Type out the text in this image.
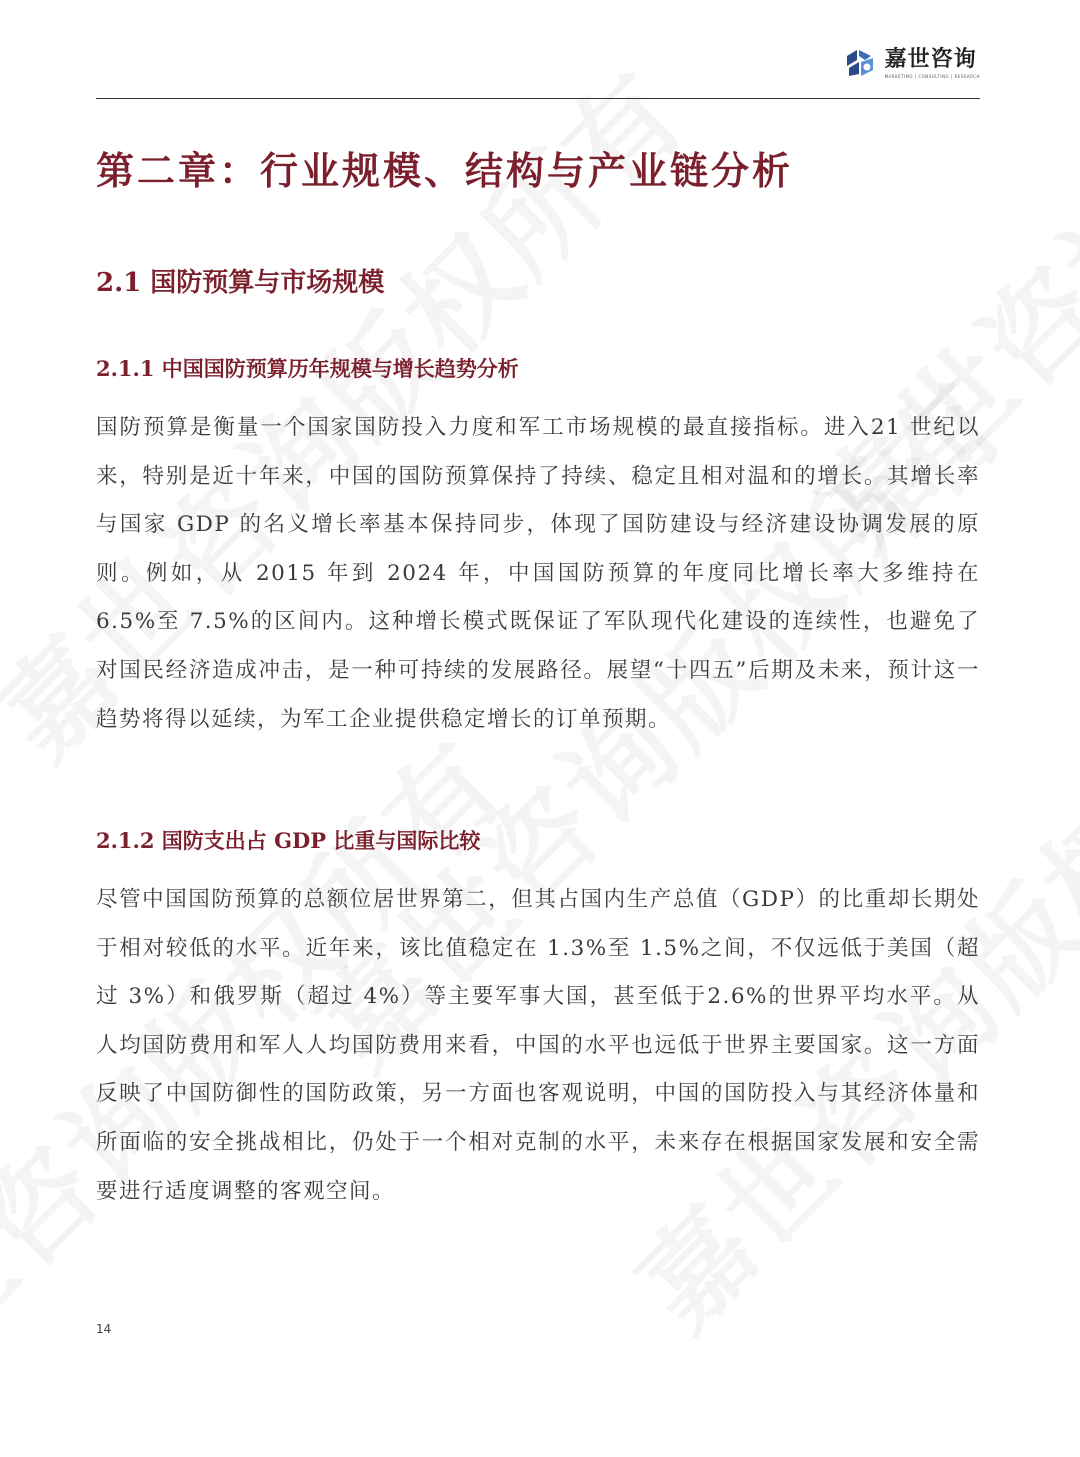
嘉世咨询
MARKETING | CONSULTING | RESEARCH
第二章：行业规模、结构与产业链分析
2.1 国防预算与市场规模
2.1.1 中国国防预算历年规模与增长趋势分析

国防预算是衡量一个国家国防投入力度和军工市场规模的最直接指标。进入21 世纪以来，特别是近十年来，中国的国防预算保持了持续、稳定且相对温和的增长。其增长率与国家 GDP 的名义增长率基本保持同步，体现了国防建设与经济建设协调发展的原则。例如，从 2015 年到 2024 年，中国国防预算的年度同比增长率大多维持在 6.5%至 7.5%的区间内。这种增长模式既保证了军队现代化建设的连续性，也避免了对国民经济造成冲击，是一种可持续的发展路径。展望“十四五”后期及未来，预计这一趋势将得以延续，为军工企业提供稳定增长的订单预期。

2.1.2 国防支出占 GDP 比重与国际比较

尽管中国国防预算的总额位居世界第二，但其占国内生产总值（GDP）的比重却长期处于相对较低的水平。近年来，该比值稳定在 1.3%至 1.5%之间，不仅远低于美国（超过 3%）和俄罗斯（超过 4%）等主要军事大国，甚至低于2.6%的世界平均水平。从人均国防费用和军人人均国防费用来看，中国的水平也远低于世界主要国家。这一方面反映了中国防御性的国防政策，另一方面也客观说明，中国的国防投入与其经济体量和所面临的安全挑战相比，仍处于一个相对克制的水平，未来存在根据国家发展和安全需要进行适度调整的客观空间。

14
